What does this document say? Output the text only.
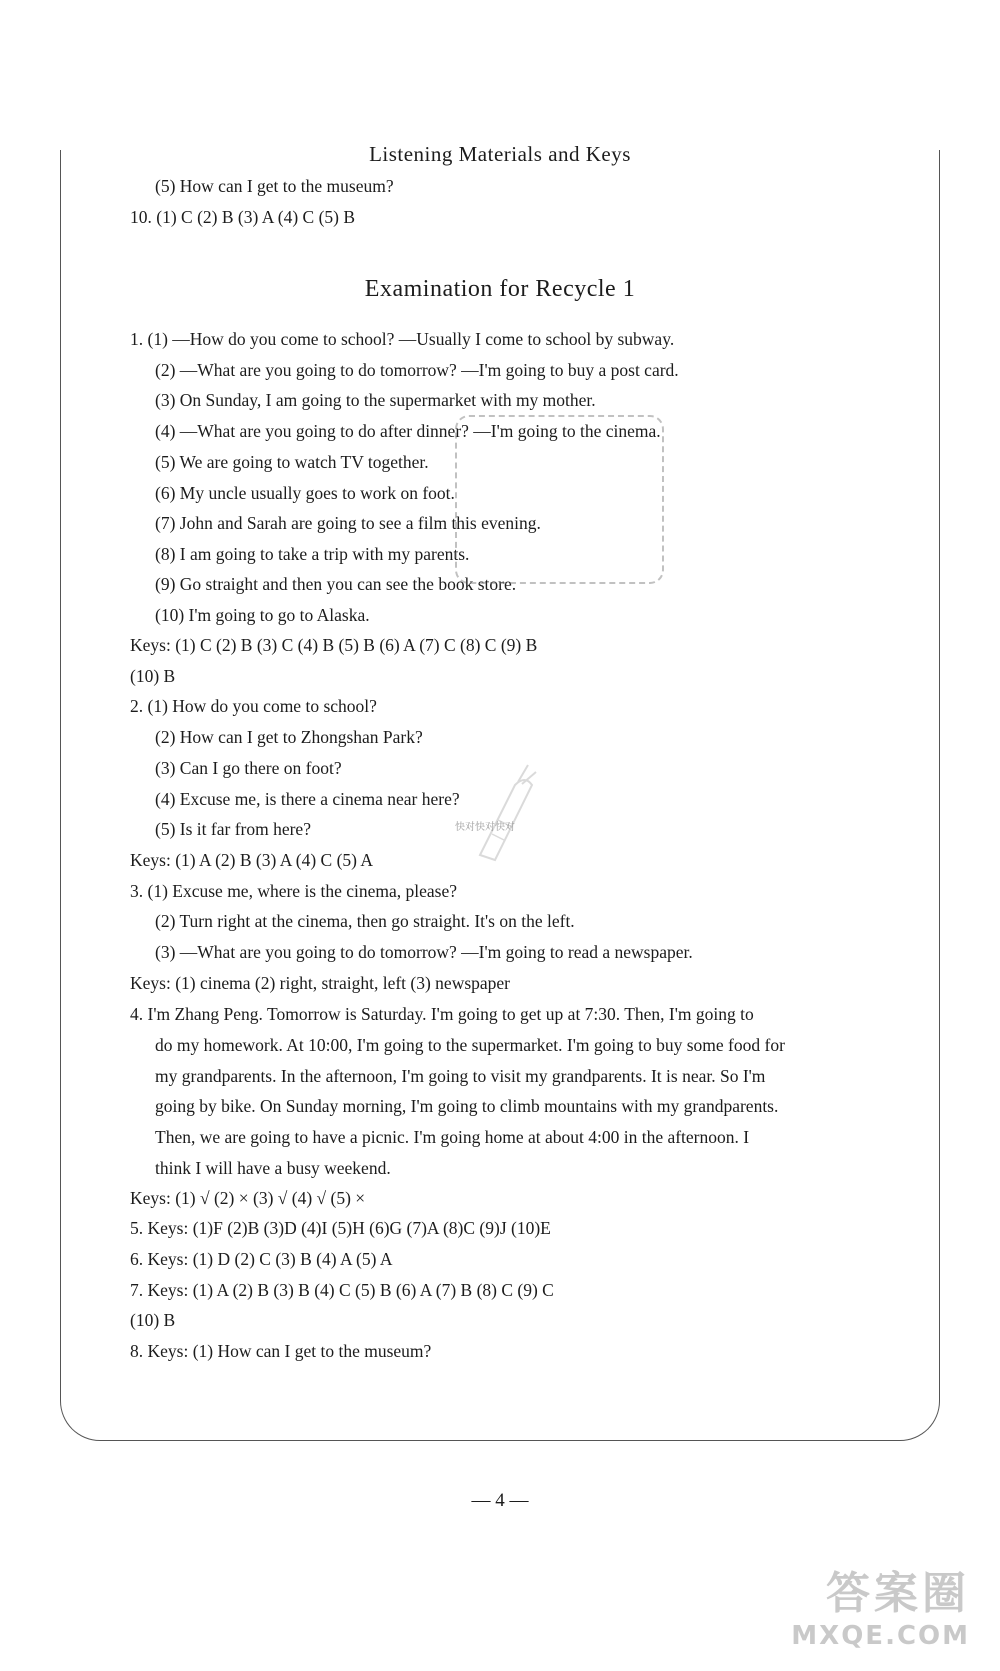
Listening Materials and Keys
(5) How can I get to the museum?
10. (1) C (2) B (3) A (4) C (5) B
Examination for Recycle 1
1. (1) —How do you come to school? —Usually I come to school by subway.
(2) —What are you going to do tomorrow? —I'm going to buy a post card.
(3) On Sunday, I am going to the supermarket with my mother.
(4) —What are you going to do after dinner? —I'm going to the cinema.
(5) We are going to watch TV together.
(6) My uncle usually goes to work on foot.
(7) John and Sarah are going to see a film this evening.
(8) I am going to take a trip with my parents.
(9) Go straight and then you can see the book store.
(10) I'm going to go to Alaska.
Keys: (1) C (2) B (3) C (4) B (5) B (6) A (7) C (8) C (9) B
(10) B
2. (1) How do you come to school?
(2) How can I get to Zhongshan Park?
(3) Can I go there on foot?
(4) Excuse me, is there a cinema near here?
(5) Is it far from here?
Keys: (1) A (2) B (3) A (4) C (5) A
3. (1) Excuse me, where is the cinema, please?
(2) Turn right at the cinema, then go straight. It's on the left.
(3) —What are you going to do tomorrow? —I'm going to read a newspaper.
Keys: (1) cinema (2) right, straight, left (3) newspaper
4. I'm Zhang Peng. Tomorrow is Saturday. I'm going to get up at 7:30. Then, I'm going to
do my homework. At 10:00, I'm going to the supermarket. I'm going to buy some food for
my grandparents. In the afternoon, I'm going to visit my grandparents. It is near. So I'm
going by bike. On Sunday morning, I'm going to climb mountains with my grandparents.
Then, we are going to have a picnic. I'm going home at about 4:00 in the afternoon. I
think I will have a busy weekend.
Keys: (1) √ (2) × (3) √ (4) √ (5) ×
5. Keys: (1)F (2)B (3)D (4)I (5)H (6)G (7)A (8)C (9)J (10)E
6. Keys: (1) D (2) C (3) B (4) A (5) A
7. Keys: (1) A (2) B (3) B (4) C (5) B (6) A (7) B (8) C (9) C
(10) B
8. Keys: (1) How can I get to the museum?
快对快对快对
— 4 —
答案圈
MXQE.COM
